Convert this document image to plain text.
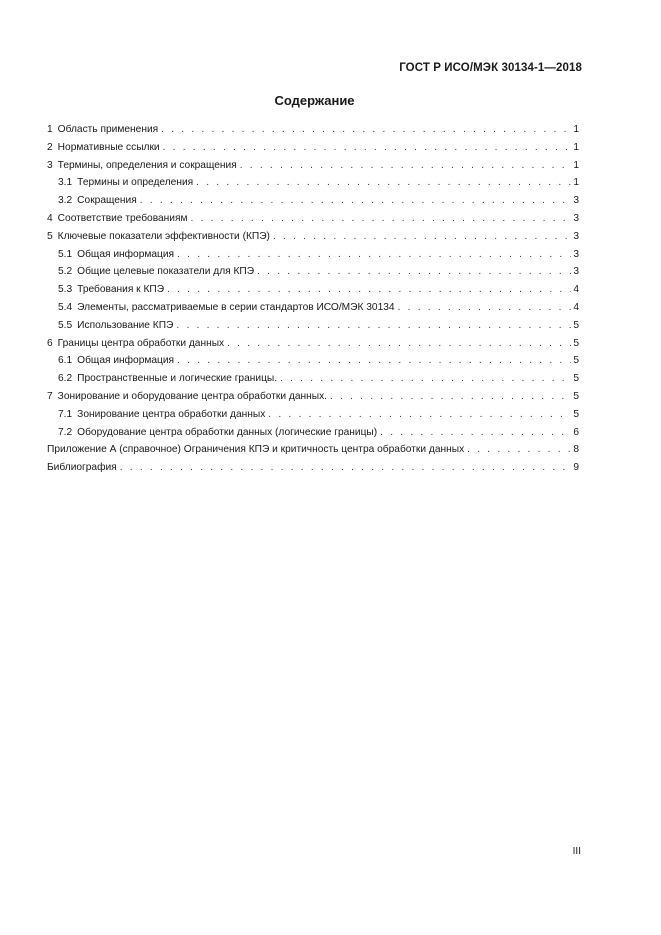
ГОСТ Р ИСО/МЭК 30134-1—2018
Содержание
1 Область применения . . .	1
2 Нормативные ссылки . . .	1
3 Термины, определения и сокращения . . .	1
3.1 Термины и определения . . .	1
3.2 Сокращения . . .	3
4 Соответствие требованиям . . .	3
5 Ключевые показатели эффективности (КПЭ) . . .	3
5.1 Общая информация . . .	3
5.2 Общие целевые показатели для КПЭ . . .	3
5.3 Требования к КПЭ . . .	4
5.4 Элементы, рассматриваемые в серии стандартов ИСО/МЭК 30134 . . .	4
5.5 Использование КПЭ . . .	5
6 Границы центра обработки данных . . .	5
6.1 Общая информация . . .	5
6.2 Пространственные и логические границы. . . .	5
7 Зонирование и оборудование центра обработки данных. . . .	5
7.1 Зонирование центра обработки данных . . .	5
7.2 Оборудование центра обработки данных (логические границы) . . .	6
Приложение А (справочное) Ограничения КПЭ и критичность центра обработки данных . . .	8
Библиография . . .	9
III
